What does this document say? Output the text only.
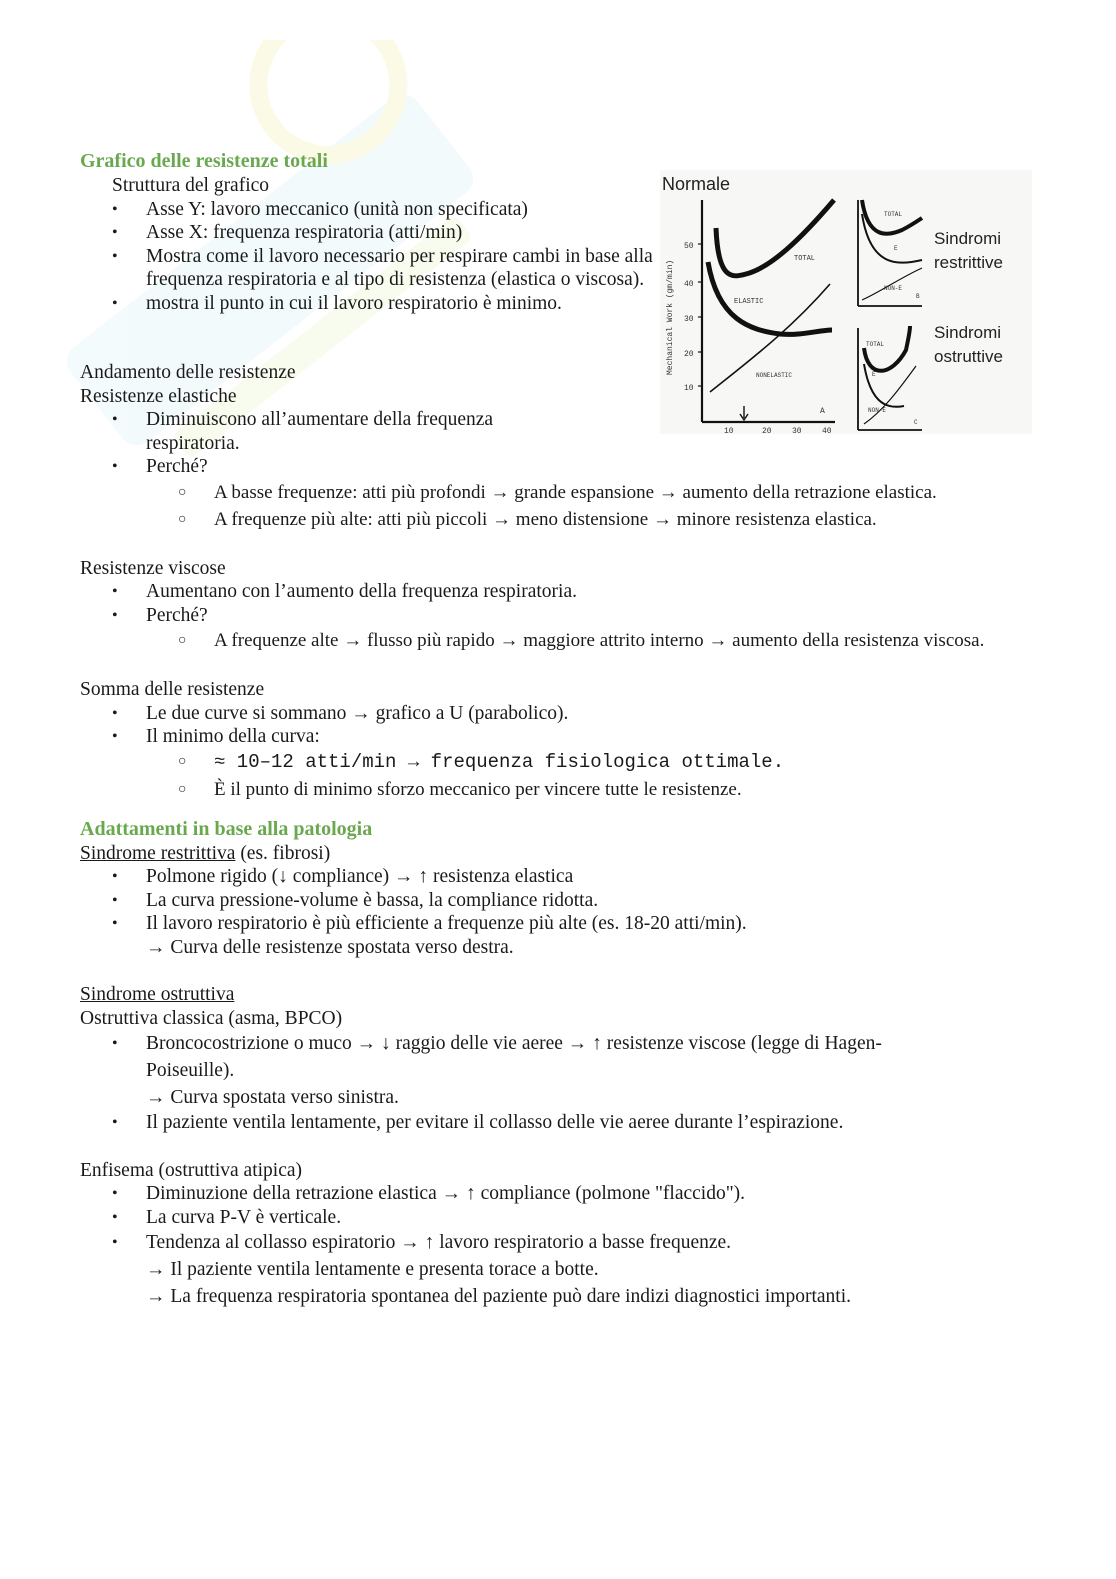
Normale
Mechanical Work (gm/min)
10
20
30
40
50
10	20	30	40
A
TOTAL
ELASTIC
NONELASTIC
TOTAL
E
NON-E
B
Sindromi
restrittive
TOTAL
E
NON-E
C
Sindromi
ostruttive

Grafico delle resistenze totali

Struttura del grafico

• Asse Y: lavoro meccanico (unità non specificata)
• Asse X: frequenza respiratoria (atti/min)
• Mostra come il lavoro necessario per respirare cambi in base alla frequenza respiratoria e al tipo di resistenza (elastica o viscosa).
• mostra il punto in cui il lavoro respiratorio è minimo.

Andamento delle resistenze

Resistenze elastiche

• Diminuiscono all’aumentare della frequenza respiratoria.
• Perché?
○ A basse frequenze: atti più profondi → grande espansione → aumento della retrazione elastica.
○ A frequenze più alte: atti più piccoli → meno distensione → minore resistenza elastica.

Resistenze viscose

• Aumentano con l’aumento della frequenza respiratoria.
• Perché?
○ A frequenze alte → flusso più rapido → maggiore attrito interno → aumento della resistenza viscosa.

Somma delle resistenze

• Le due curve si sommano → grafico a U (parabolico).
• Il minimo della curva:
○ ≈ 10–12 atti/min → frequenza fisiologica ottimale.
○ È il punto di minimo sforzo meccanico per vincere tutte le resistenze.

Adattamenti in base alla patologia

Sindrome restrittiva (es. fibrosi)

• Polmone rigido (↓ compliance) → ↑ resistenza elastica
• La curva pressione-volume è bassa, la compliance ridotta.
• Il lavoro respiratorio è più efficiente a frequenze più alte (es. 18-20 atti/min).
→ Curva delle resistenze spostata verso destra.

Sindrome ostruttiva

Ostruttiva classica (asma, BPCO)

• Broncocostrizione o muco → ↓ raggio delle vie aeree → ↑ resistenze viscose (legge di Hagen-Poiseuille).
→ Curva spostata verso sinistra.
• Il paziente ventila lentamente, per evitare il collasso delle vie aeree durante l’espirazione.

Enfisema (ostruttiva atipica)

• Diminuzione della retrazione elastica → ↑ compliance (polmone "flaccido").
• La curva P-V è verticale.
• Tendenza al collasso espiratorio → ↑ lavoro respiratorio a basse frequenze.
→ Il paziente ventila lentamente e presenta torace a botte.
→ La frequenza respiratoria spontanea del paziente può dare indizi diagnostici importanti.
